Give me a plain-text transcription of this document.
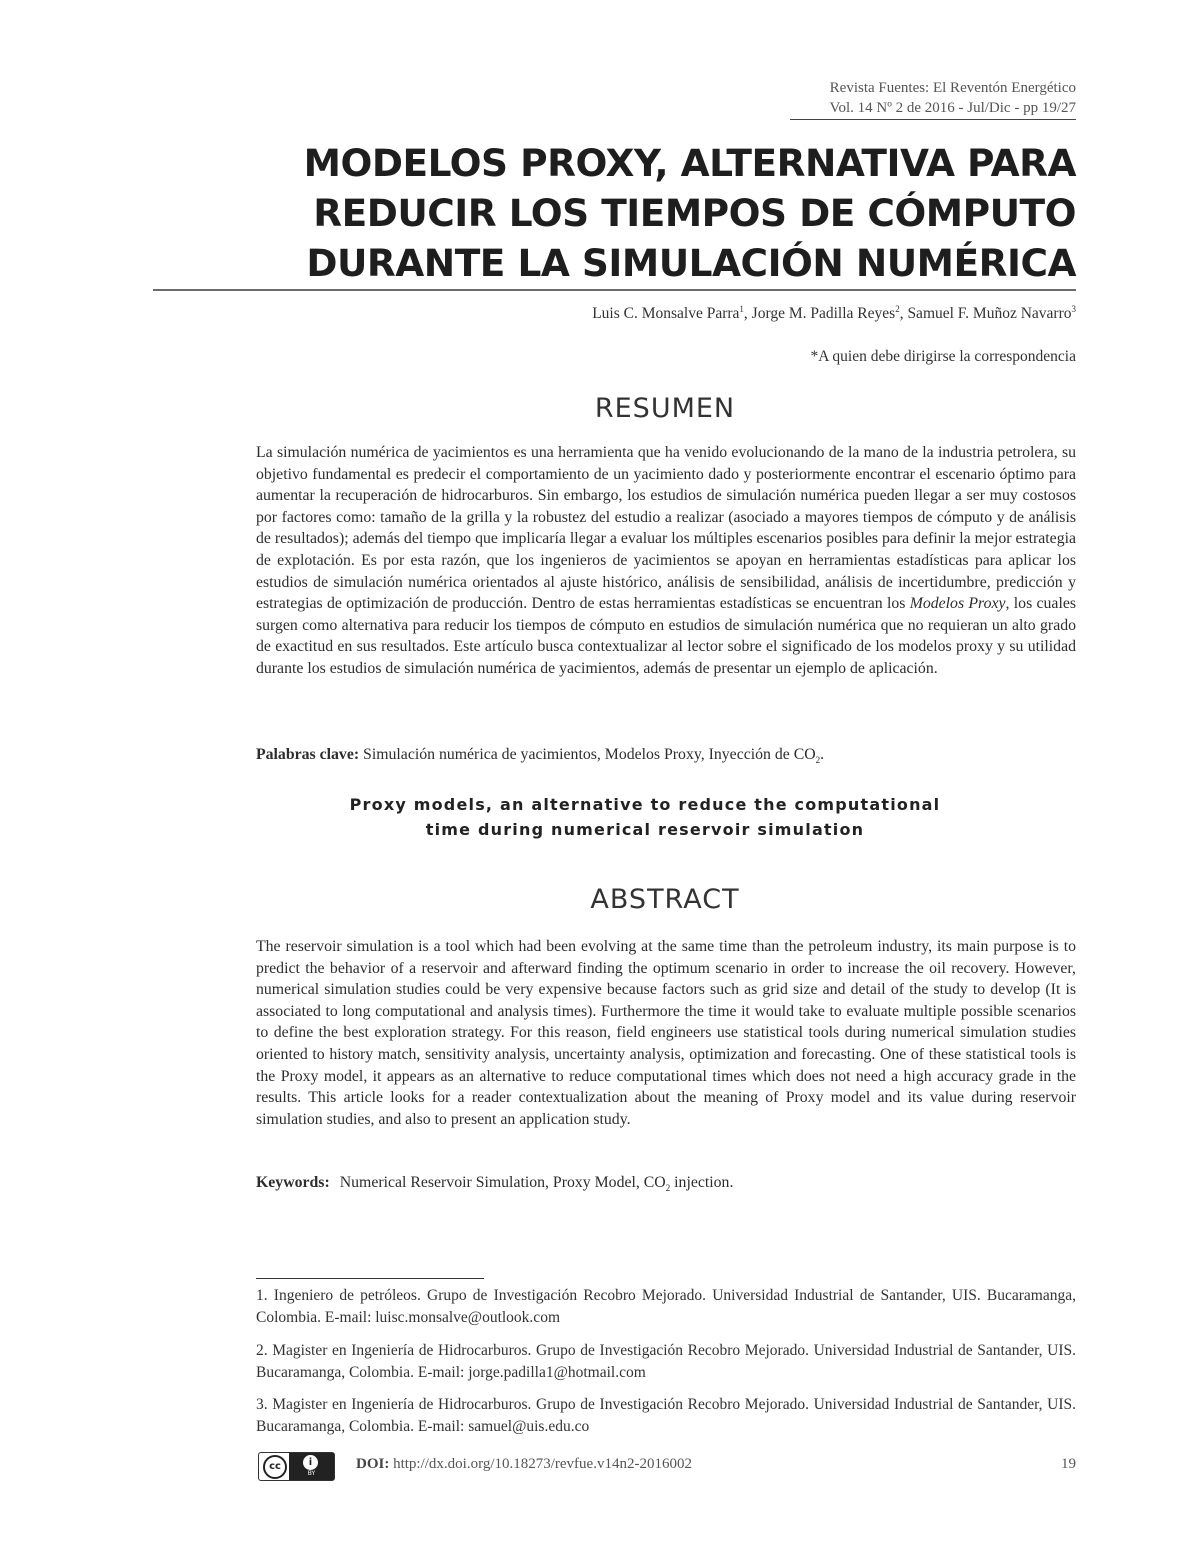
Revista Fuentes: El Reventón Energético
Vol. 14 Nº 2 de 2016 - Jul/Dic - pp 19/27
MODELOS PROXY, ALTERNATIVA PARA
REDUCIR LOS TIEMPOS DE CÓMPUTO
DURANTE LA SIMULACIÓN NUMÉRICA
Luis C. Monsalve Parra$^1$, Jorge M. Padilla Reyes$^2$, Samuel F. Muñoz Navarro$^3$
*A quien debe dirigirse la correspondencia
RESUMEN

La simulación numérica de yacimientos es una herramienta que ha venido evolucionando de la mano de la industria petrolera, su objetivo fundamental es predecir el comportamiento de un yacimiento dado y posteriormente encontrar el escenario óptimo para aumentar la recuperación de hidrocarburos. Sin embargo, los estudios de simulación numérica pueden llegar a ser muy costosos por factores como: tamaño de la grilla y la robustez del estudio a realizar (asociado a mayores tiempos de cómputo y de análisis de resultados); además del tiempo que implicaría llegar a evaluar los múltiples escenarios posibles para definir la mejor estrategia de explotación. Es por esta razón, que los ingenieros de yacimientos se apoyan en herramientas estadísticas para aplicar los estudios de simulación numérica orientados al ajuste histórico, análisis de sensibilidad, análisis de incertidumbre, predicción y estrategias de optimización de producción. Dentro de estas herramientas estadísticas se encuentran los Modelos Proxy, los cuales surgen como alternativa para reducir los tiempos de cómputo en estudios de simulación numérica que no requieran un alto grado de exactitud en sus resultados. Este artículo busca contextualizar al lector sobre el significado de los modelos proxy y su utilidad durante los estudios de simulación numérica de yacimientos, además de presentar un ejemplo de aplicación.

Palabras clave: Simulación numérica de yacimientos, Modelos Proxy, Inyección de $CO_2$.
Proxy models, an alternative to reduce the computational
time during numerical reservoir simulation
ABSTRACT

The reservoir simulation is a tool which had been evolving at the same time than the petroleum industry, its main purpose is to predict the behavior of a reservoir and afterward finding the optimum scenario in order to increase the oil recovery. However, numerical simulation studies could be very expensive because factors such as grid size and detail of the study to develop (It is associated to long computational and analysis times). Furthermore the time it would take to evaluate multiple possible scenarios to define the best exploration strategy. For this reason, field engineers use statistical tools during numerical simulation studies oriented to history match, sensitivity analysis, uncertainty analysis, optimization and forecasting. One of these statistical tools is the Proxy model, it appears as an alternative to reduce computational times which does not need a high accuracy grade in the results. This article looks for a reader contextualization about the meaning of Proxy model and its value during reservoir simulation studies, and also to present an application study.

Keywords: Numerical Reservoir Simulation, Proxy Model, $CO_2$ injection.

1. Ingeniero de petróleos. Grupo de Investigación Recobro Mejorado. Universidad Industrial de Santander, UIS. Bucaramanga, Colombia. E-mail: luisc.monsalve@outlook.com

2. Magister en Ingeniería de Hidrocarburos. Grupo de Investigación Recobro Mejorado. Universidad Industrial de Santander, UIS. Bucaramanga, Colombia. E-mail: jorge.padilla1@hotmail.com

3. Magister en Ingeniería de Hidrocarburos. Grupo de Investigación Recobro Mejorado. Universidad Industrial de Santander, UIS. Bucaramanga, Colombia. E-mail: samuel@uis.edu.co

cc	i
BY
DOI: http://dx.doi.org/10.18273/revfue.v14n2-2016002	19
